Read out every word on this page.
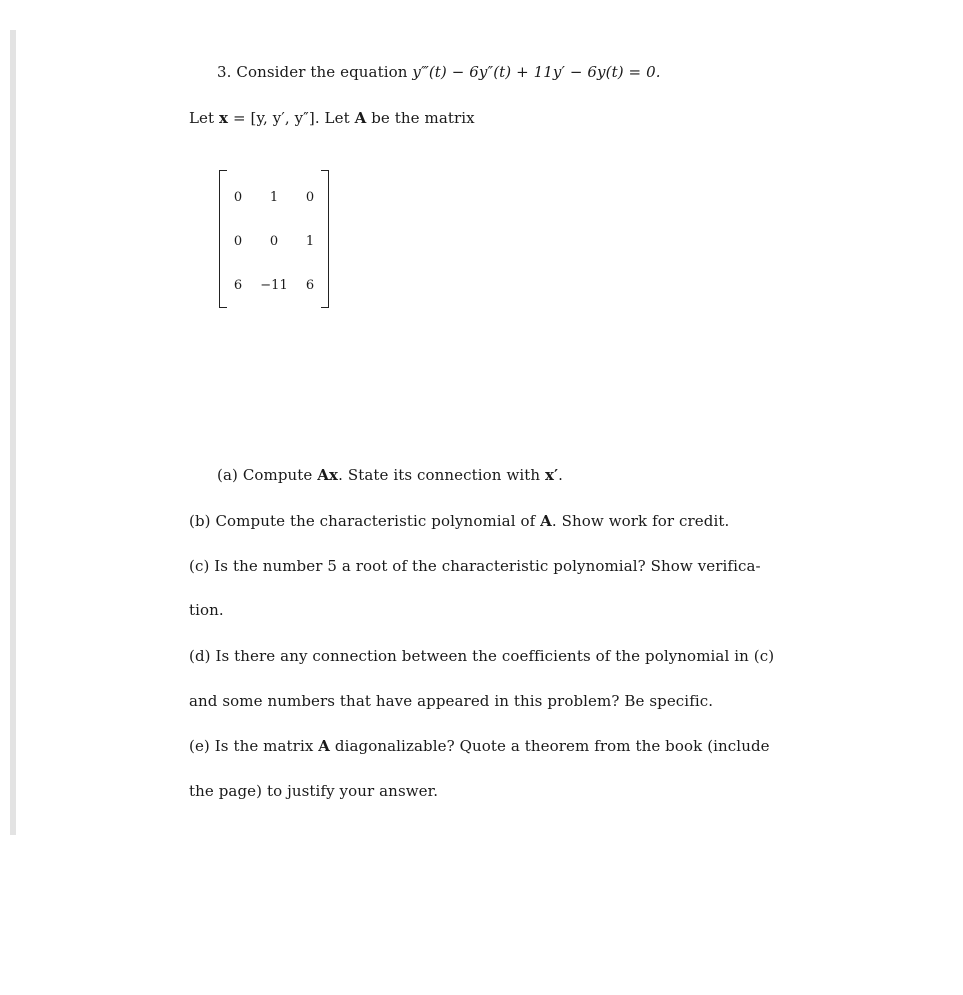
3. Consider the equation y‴(t) − 6y″(t) + 11y′ − 6y(t) = 0.
Let x = [y, y′, y″]. Let A be the matrix
0	1	0
0	0	1
6	−11	6
(a) Compute Ax. State its connection with x′.
(b) Compute the characteristic polynomial of A. Show work for credit.
(c) Is the number 5 a root of the characteristic polynomial? Show verifica-
tion.
(d) Is there any connection between the coefficients of the polynomial in (c)
and some numbers that have appeared in this problem? Be specific.
(e) Is the matrix A diagonalizable? Quote a theorem from the book (include
the page) to justify your answer.
